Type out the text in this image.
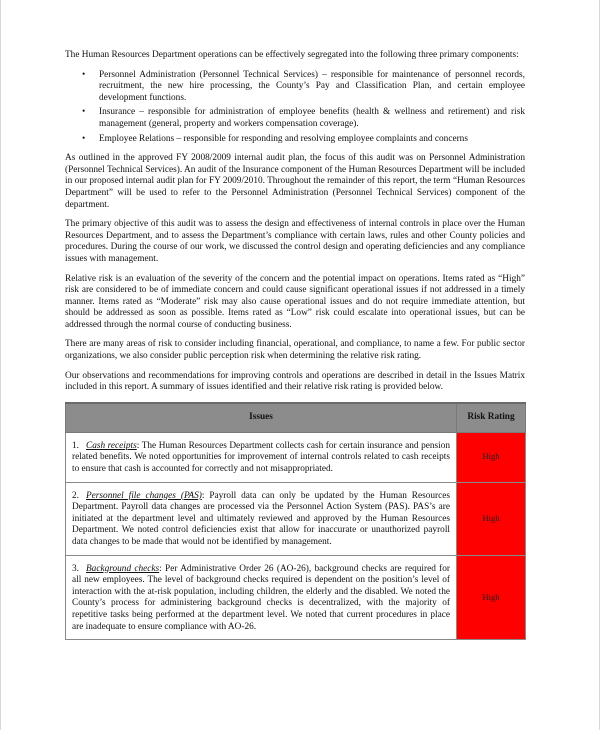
The Human Resources Department operations can be effectively segregated into the following three primary components:

• Personnel Administration (Personnel Technical Services) – responsible for maintenance of personnel records, recruitment, the new hire processing, the County’s Pay and Classification Plan, and certain employee development functions.
• Insurance – responsible for administration of employee benefits (health & wellness and retirement) and risk management (general, property and workers compensation coverage).
• Employee Relations – responsible for responding and resolving employee complaints and concerns

As outlined in the approved FY 2008/2009 internal audit plan, the focus of this audit was on Personnel Administration (Personnel Technical Services). An audit of the Insurance component of the Human Resources Department will be included in our proposed internal audit plan for FY 2009/2010. Throughout the remainder of this report, the term “Human Resources Department” will be used to refer to the Personnel Administration (Personnel Technical Services) component of the department.

The primary objective of this audit was to assess the design and effectiveness of internal controls in place over the Human Resources Department, and to assess the Department’s compliance with certain laws, rules and other County policies and procedures. During the course of our work, we discussed the control design and operating deficiencies and any compliance issues with management.

Relative risk is an evaluation of the severity of the concern and the potential impact on operations. Items rated as “High” risk are considered to be of immediate concern and could cause significant operational issues if not addressed in a timely manner. Items rated as “Moderate” risk may also cause operational issues and do not require immediate attention, but should be addressed as soon as possible. Items rated as “Low” risk could escalate into operational issues, but can be addressed through the normal course of conducting business.

There are many areas of risk to consider including financial, operational, and compliance, to name a few. For public sector organizations, we also consider public perception risk when determining the relative risk rating.

Our observations and recommendations for improving controls and operations are described in detail in the Issues Matrix included in this report. A summary of issues identified and their relative risk rating is provided below.

Issues	Risk Rating
1. Cash receipts: The Human Resources Department collects cash for certain insurance and pension related benefits. We noted opportunities for improvement of internal controls related to cash receipts to ensure that cash is accounted for correctly and not misappropriated.	High
2. Personnel file changes (PAS): Payroll data can only be updated by the Human Resources Department. Payroll data changes are processed via the Personnel Action System (PAS). PAS’s are initiated at the department level and ultimately reviewed and approved by the Human Resources Department. We noted control deficiencies exist that allow for inaccurate or unauthorized payroll data changes to be made that would not be identified by management.	High
3. Background checks: Per Administrative Order 26 (AO-26), background checks are required for all new employees. The level of background checks required is dependent on the position’s level of interaction with the at-risk population, including children, the elderly and the disabled. We noted the County’s process for administering background checks is decentralized, with the majority of repetitive tasks being performed at the department level. We noted that current procedures in place are inadequate to ensure compliance with AO-26.	High
